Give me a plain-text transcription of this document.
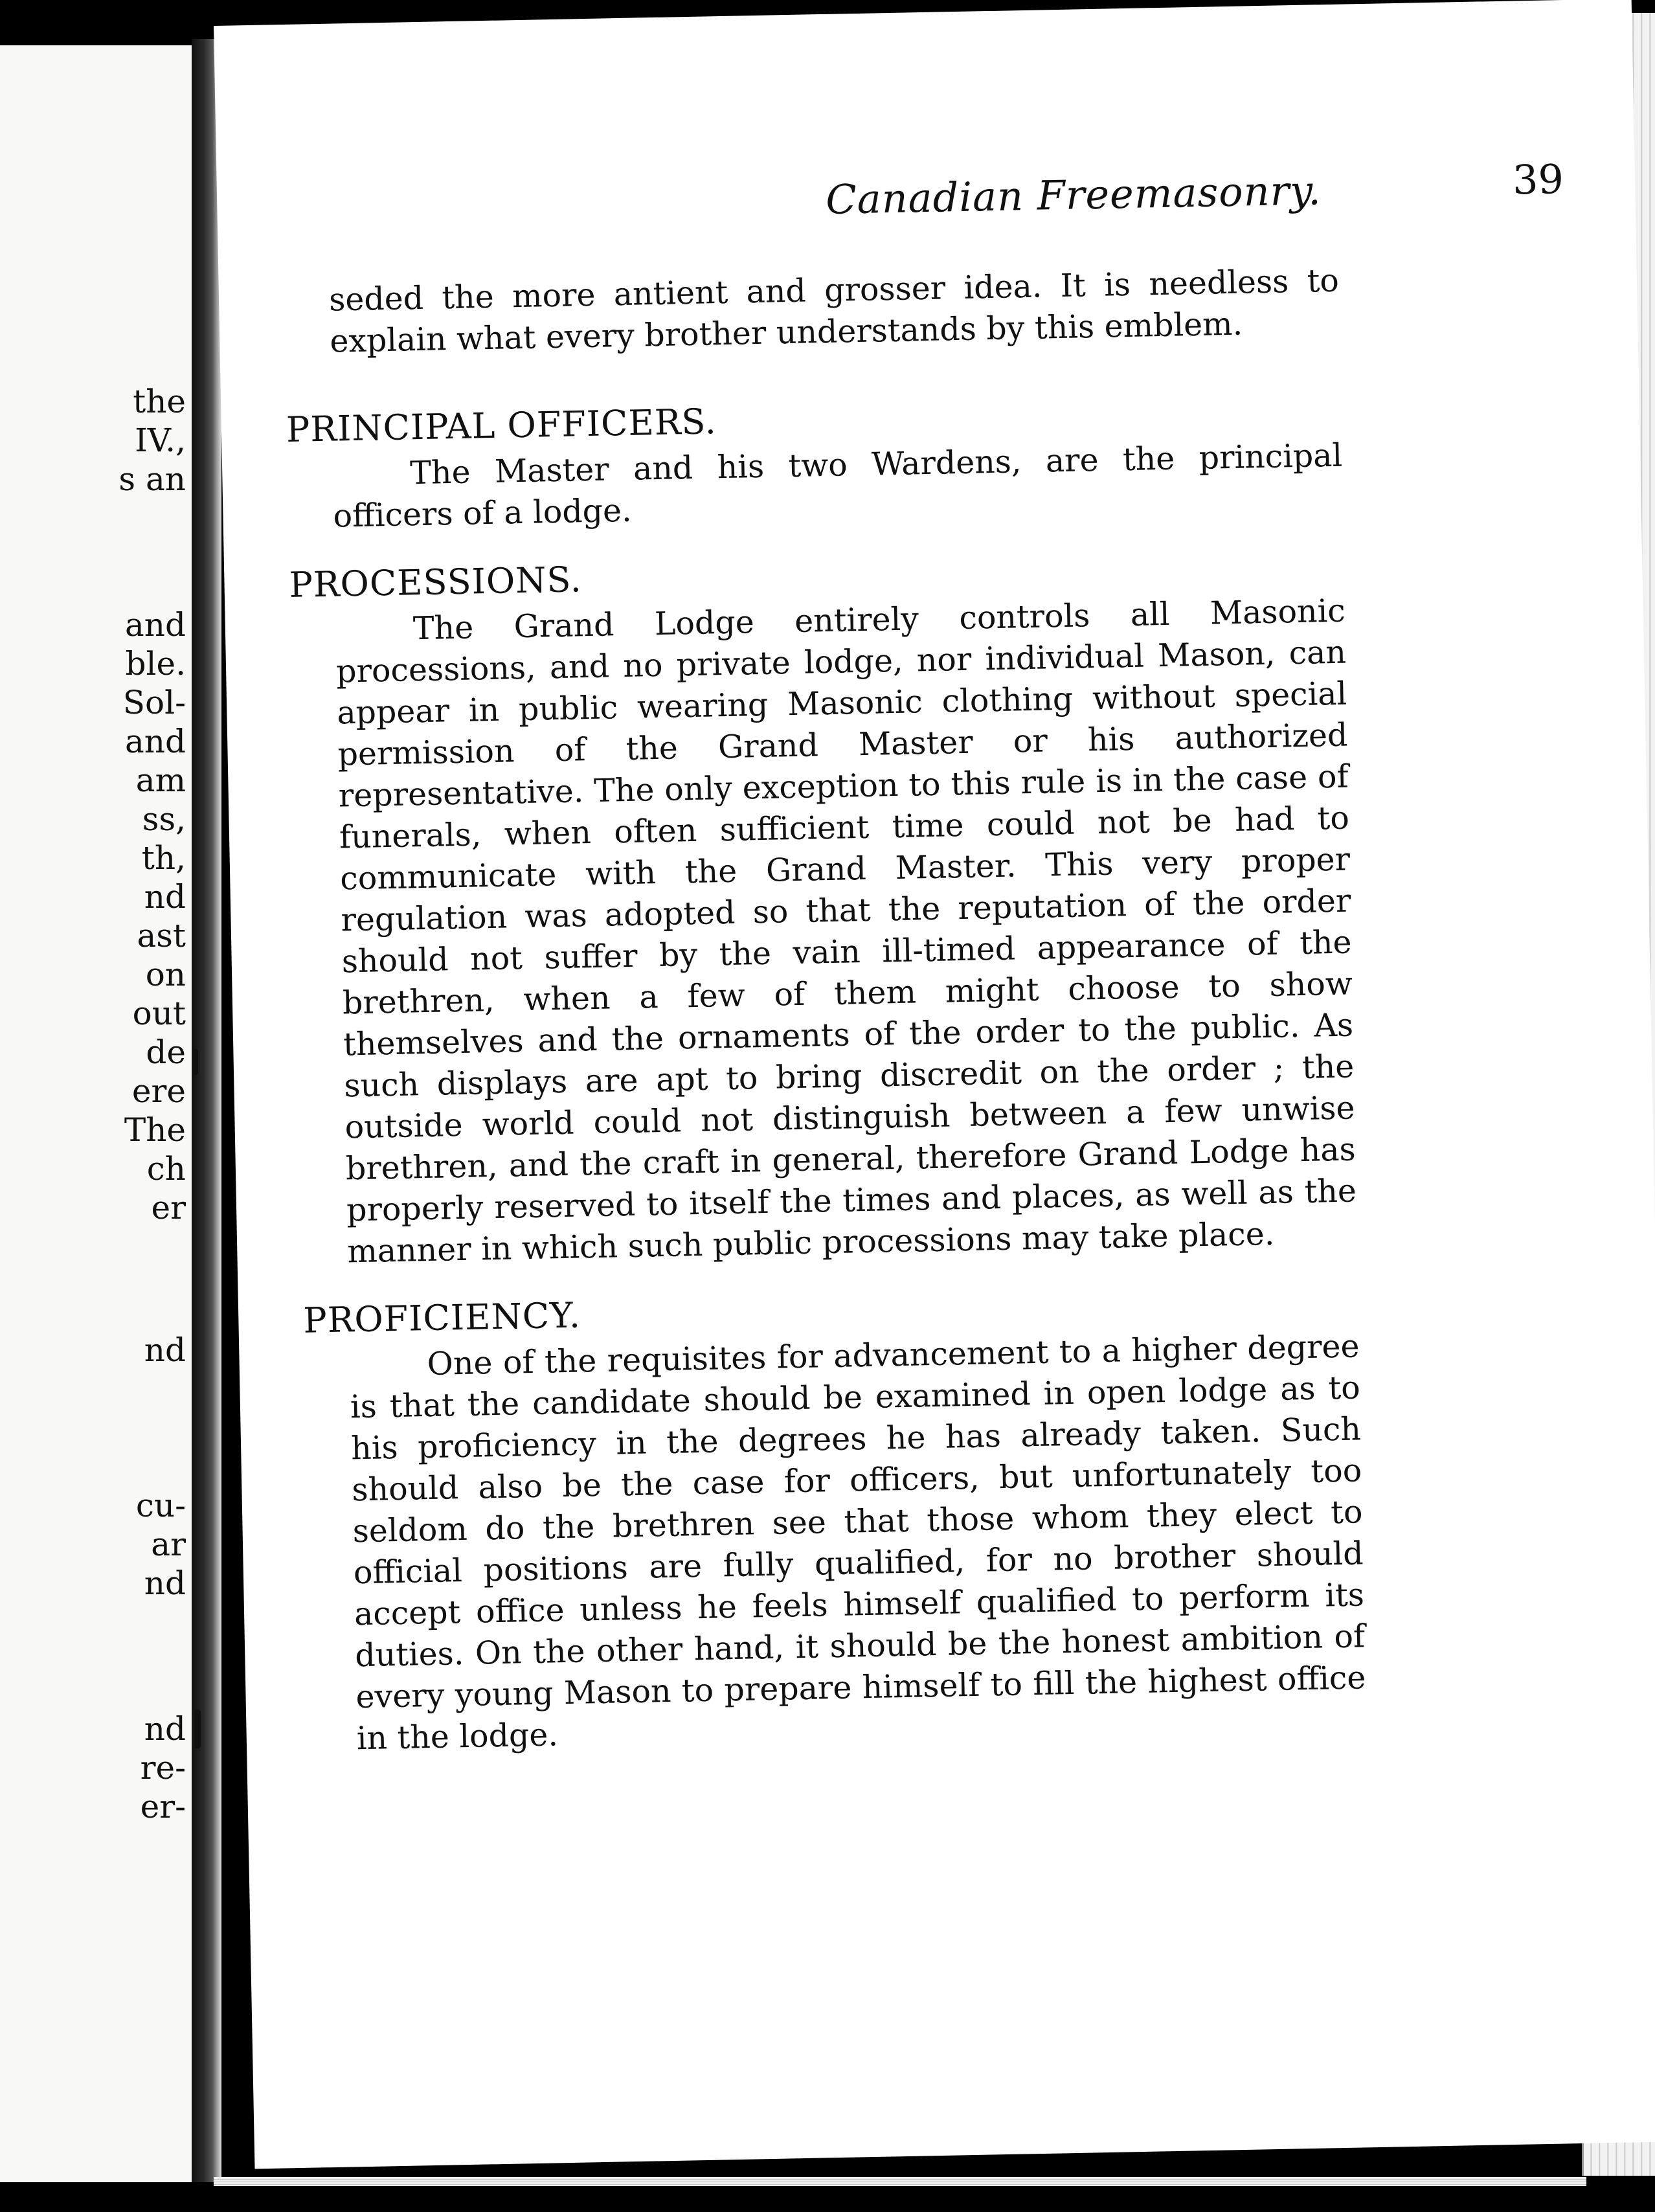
the
IV.,
s an
and
ble.
Sol-
and
am
ss,
th,
nd
ast
on
out
de
ere
The
ch
er
nd
cu-
ar
nd
nd
re-
er-
Canadian Freemasonry.	39

seded the more antient and grosser idea. It is needless to explain what every brother understands by this emblem.

PRINCIPAL OFFICERS.

The Master and his two Wardens, are the principal officers of a lodge.

PROCESSIONS.

The Grand Lodge entirely controls all Masonic processions, and no private lodge, nor individual Mason, can appear in public wearing Masonic clothing without special permission of the Grand Master or his authorized representative. The only exception to this rule is in the case of funerals, when often sufficient time could not be had to communicate with the Grand Master. This very proper regulation was adopted so that the reputation of the order should not suffer by the vain ill-timed appearance of the brethren, when a few of them might choose to show themselves and the ornaments of the order to the public. As such displays are apt to bring discredit on the order ; the outside world could not distinguish between a few unwise brethren, and the craft in general, therefore Grand Lodge has properly reserved to itself the times and places, as well as the manner in which such public processions may take place.

PROFICIENCY.

One of the requisites for advancement to a higher degree is that the candidate should be examined in open lodge as to his proficiency in the degrees he has already taken. Such should also be the case for officers, but unfortunately too seldom do the brethren see that those whom they elect to official positions are fully qualified, for no brother should accept office unless he feels himself qualified to perform its duties. On the other hand, it should be the honest ambition of every young Mason to prepare himself to fill the highest office in the lodge.
